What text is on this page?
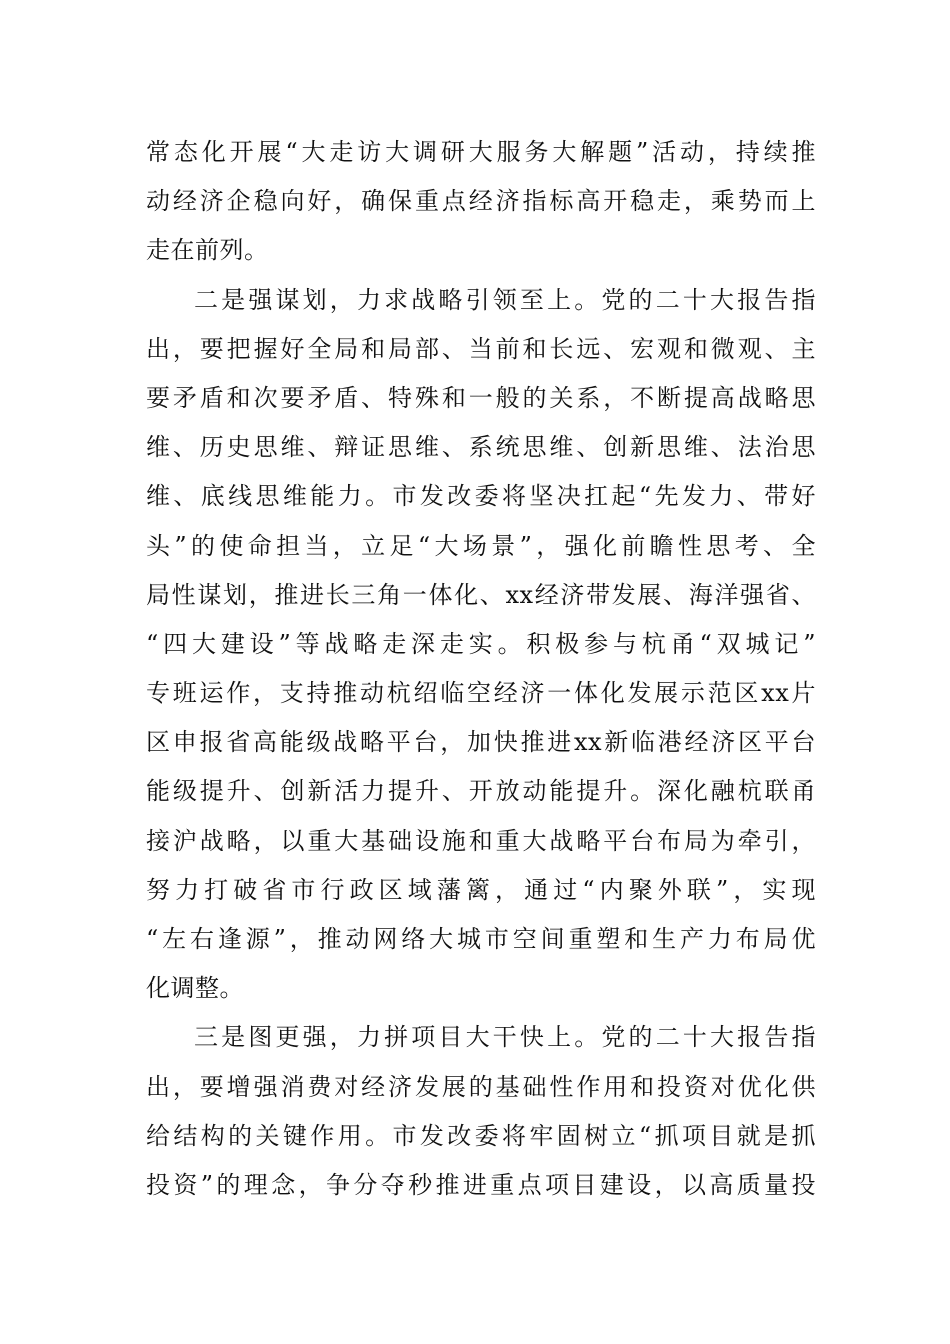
常态化开展“大走访大调研大服务大解题”活动，持续推
动经济企稳向好，确保重点经济指标高开稳走，乘势而上
走在前列。
二是强谋划，力求战略引领至上。党的二十大报告指
出，要把握好全局和局部、当前和长远、宏观和微观、主
要矛盾和次要矛盾、特殊和一般的关系，不断提高战略思
维、历史思维、辩证思维、系统思维、创新思维、法治思
维、底线思维能力。市发改委将坚决扛起“先发力、带好
头”的使命担当，立足“大场景”，强化前瞻性思考、全
局性谋划，推进长三角一体化、xx经济带发展、海洋强省、
“四大建设”等战略走深走实。积极参与杭甬“双城记”
专班运作，支持推动杭绍临空经济一体化发展示范区xx片
区申报省高能级战略平台，加快推进xx新临港经济区平台
能级提升、创新活力提升、开放动能提升。深化融杭联甬
接沪战略，以重大基础设施和重大战略平台布局为牵引，
努力打破省市行政区域藩篱，通过“内聚外联”，实现
“左右逢源”，推动网络大城市空间重塑和生产力布局优
化调整。
三是图更强，力拼项目大干快上。党的二十大报告指
出，要增强消费对经济发展的基础性作用和投资对优化供
给结构的关键作用。市发改委将牢固树立“抓项目就是抓
投资”的理念，争分夺秒推进重点项目建设，以高质量投
